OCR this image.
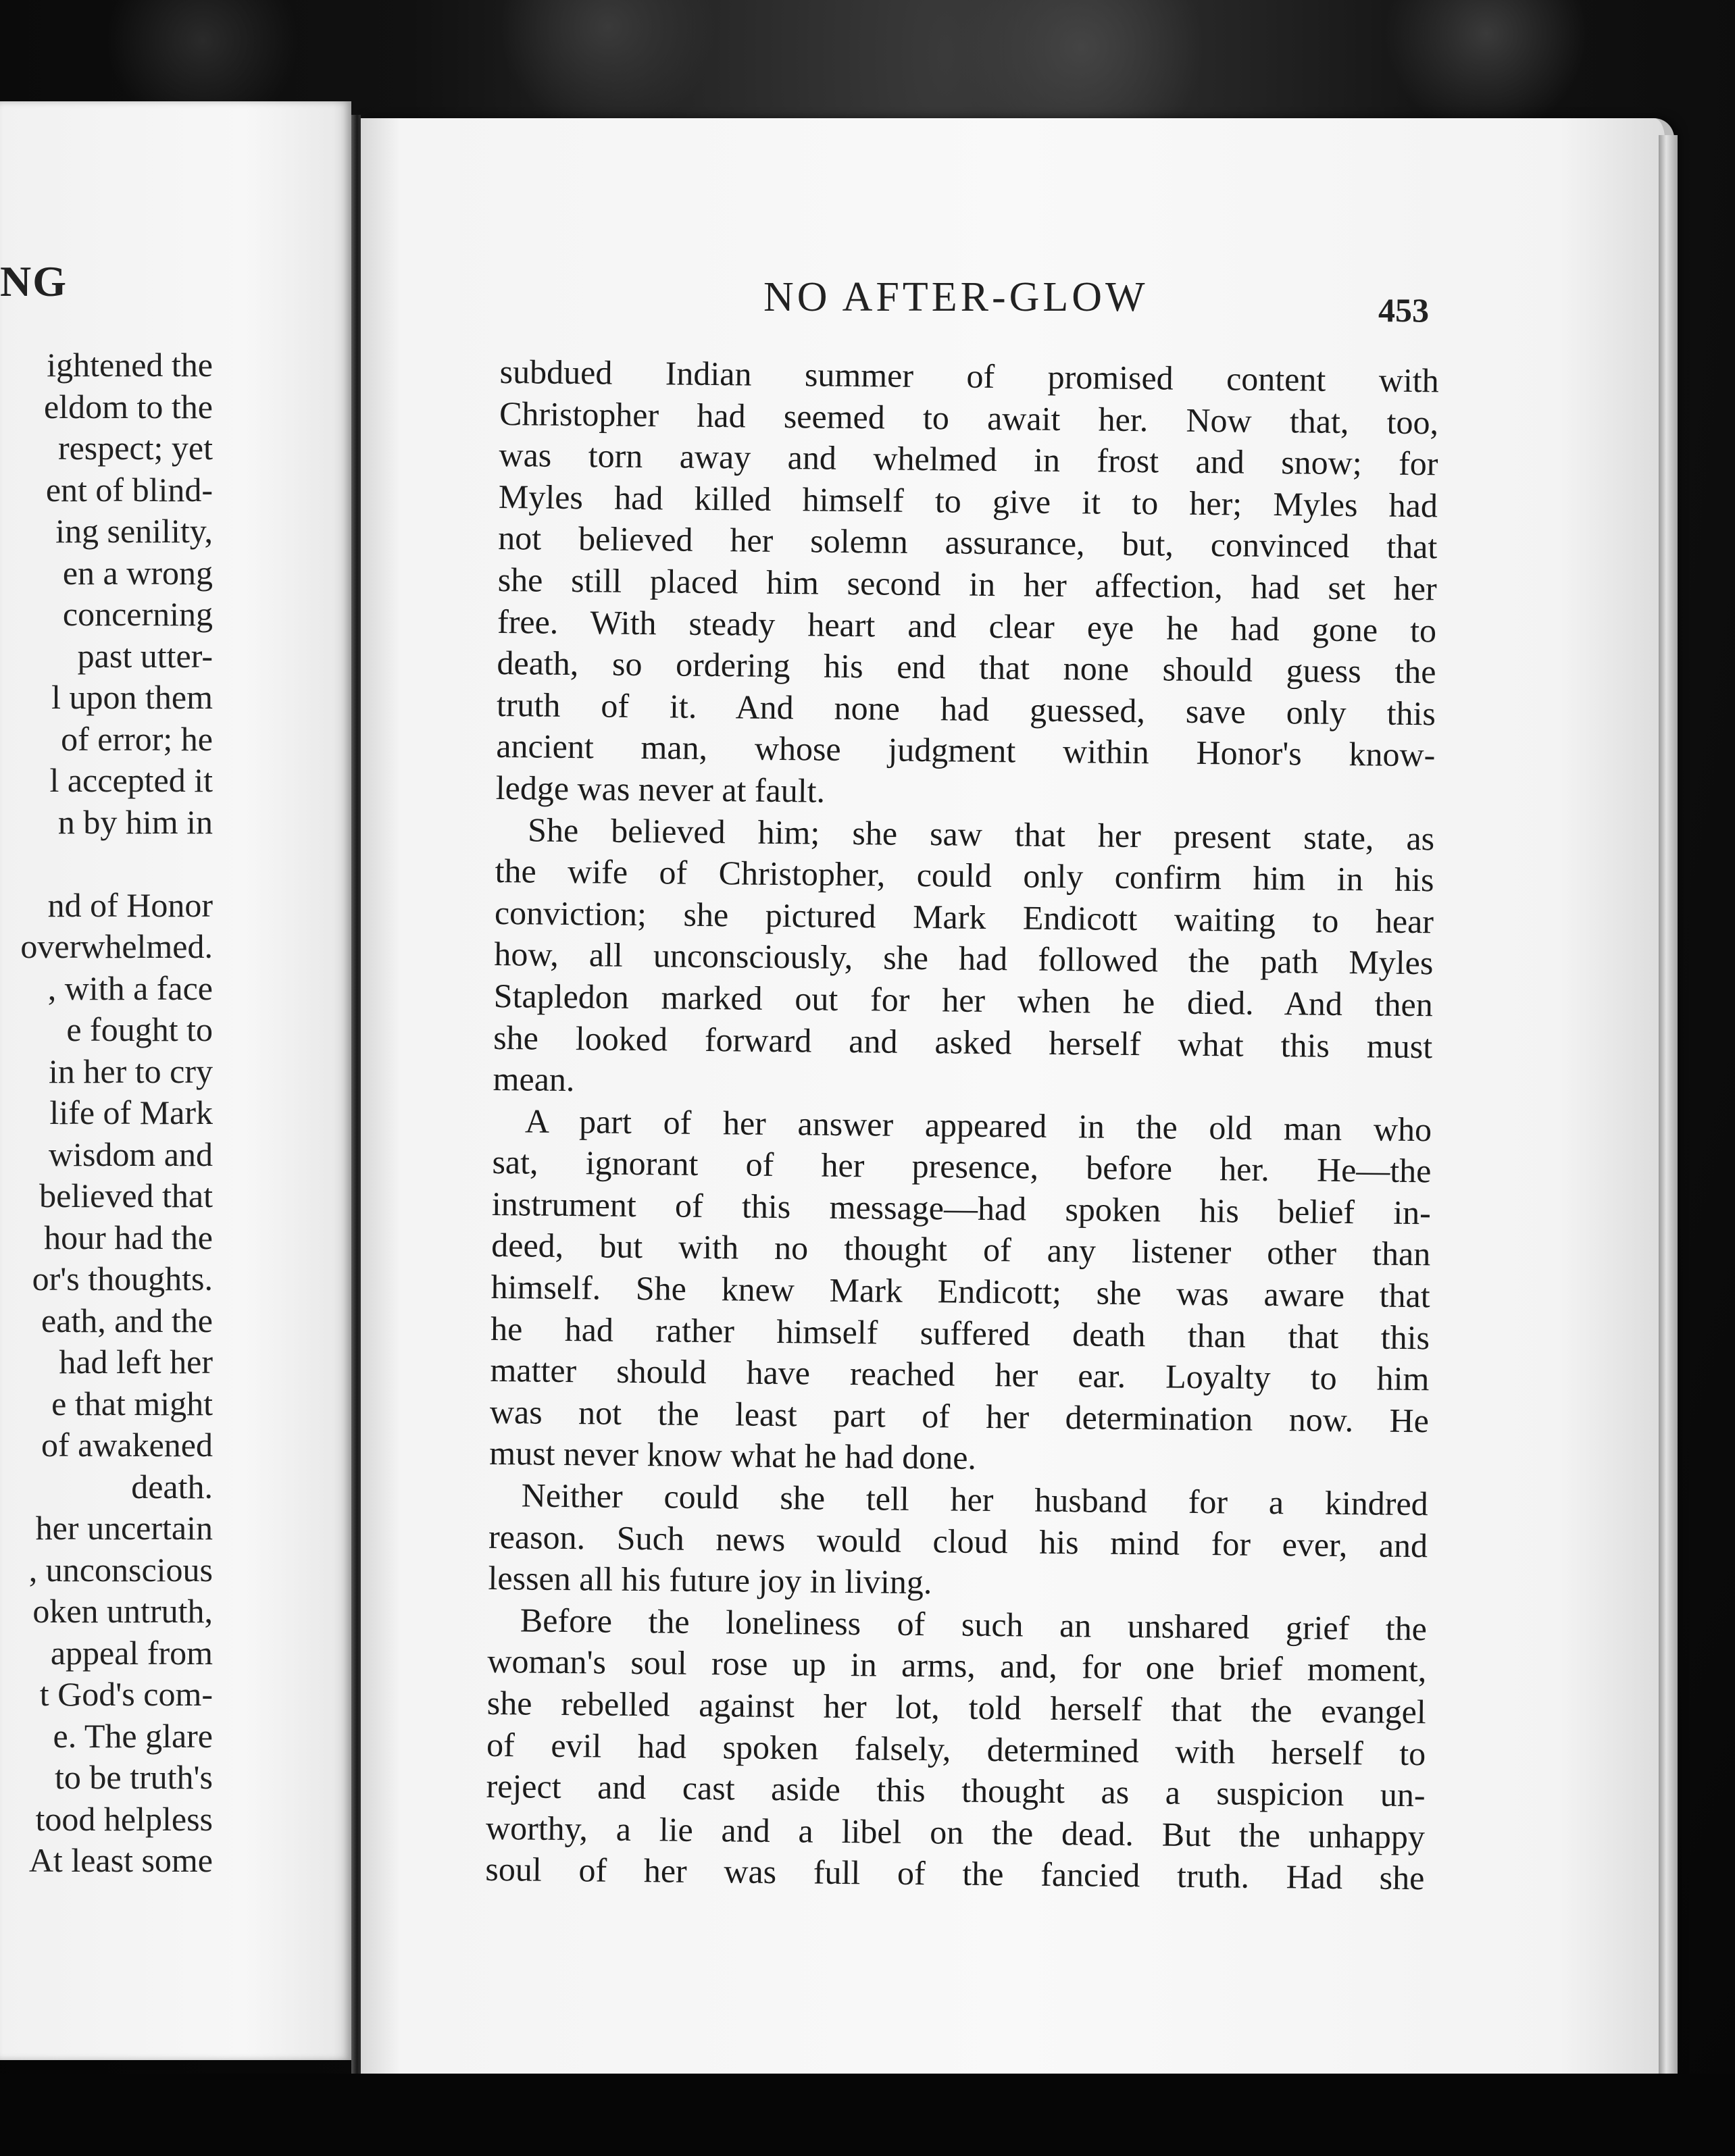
NG
ightened the
eldom to the
respect; yet
ent of blind-
ing senility,
en a wrong
concerning
past utter-
l upon them
of error; he
l accepted it
n by him in
nd of Honor
overwhelmed.
, with a face
e fought to
in her to cry
life of Mark
wisdom and
believed that
hour had the
or's thoughts.
eath, and the
had left her
e that might
of awakened
death.
her uncertain
, unconscious
oken untruth,
appeal from
t God's com-
e. The glare
to be truth's
tood helpless
At least some
NO AFTER-GLOW	453
subdued Indian summer of promised content with
Christopher had seemed to await her. Now that, too,
was torn away and whelmed in frost and snow; for
Myles had killed himself to give it to her; Myles had
not believed her solemn assurance, but, convinced that
she still placed him second in her affection, had set her
free. With steady heart and clear eye he had gone to
death, so ordering his end that none should guess the
truth of it. And none had guessed, save only this
ancient man, whose judgment within Honor's know-
ledge was never at fault.
She believed him; she saw that her present state, as
the wife of Christopher, could only confirm him in his
conviction; she pictured Mark Endicott waiting to hear
how, all unconsciously, she had followed the path Myles
Stapledon marked out for her when he died. And then
she looked forward and asked herself what this must
mean.
A part of her answer appeared in the old man who
sat, ignorant of her presence, before her. He—the
instrument of this message—had spoken his belief in-
deed, but with no thought of any listener other than
himself. She knew Mark Endicott; she was aware that
he had rather himself suffered death than that this
matter should have reached her ear. Loyalty to him
was not the least part of her determination now. He
must never know what he had done.
Neither could she tell her husband for a kindred
reason. Such news would cloud his mind for ever, and
lessen all his future joy in living.
Before the loneliness of such an unshared grief the
woman's soul rose up in arms, and, for one brief moment,
she rebelled against her lot, told herself that the evangel
of evil had spoken falsely, determined with herself to
reject and cast aside this thought as a suspicion un-
worthy, a lie and a libel on the dead. But the unhappy
soul of her was full of the fancied truth. Had she
